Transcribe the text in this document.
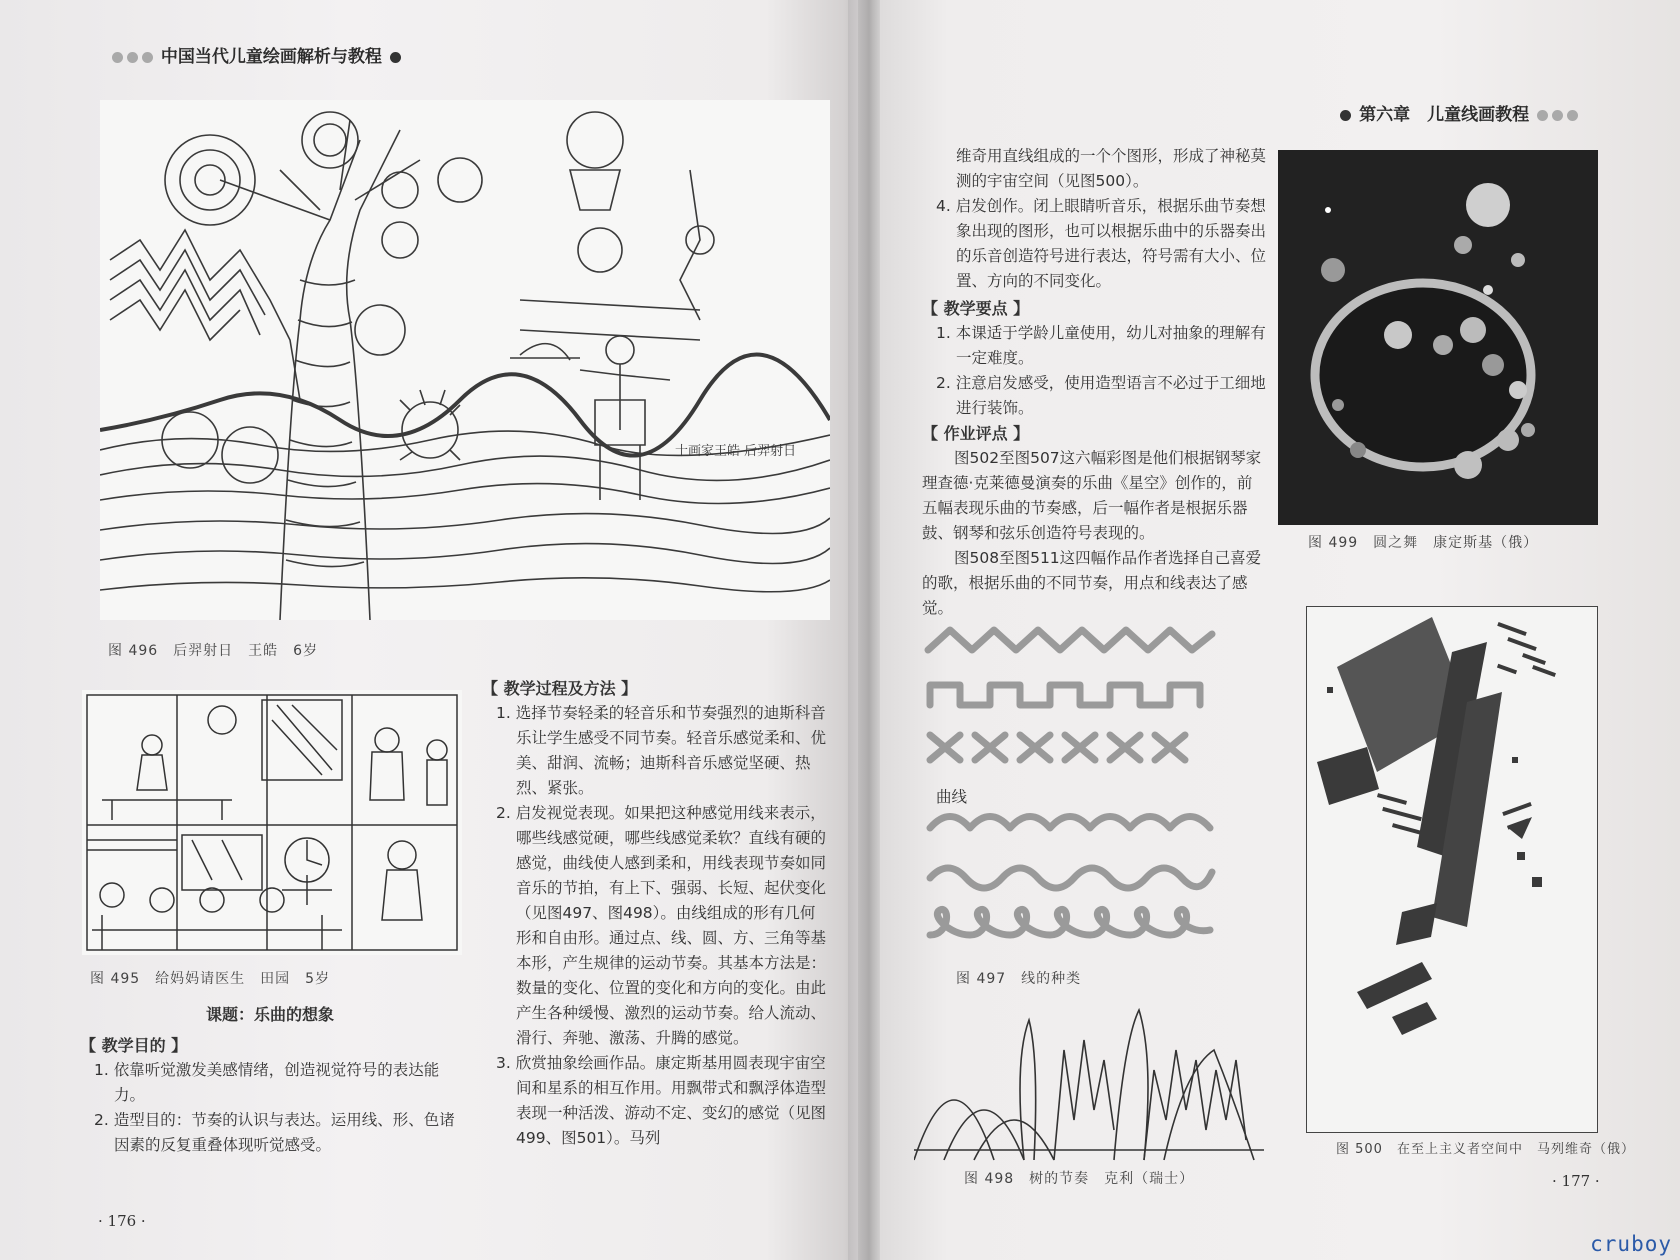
中国当代儿童绘画解析与教程
十画家王皓 后羿射日
图 496　后羿射日　王皓　6岁
图 495　给妈妈请医生　田园　5岁

课题：乐曲的想象

【 教学目的 】

1. 依靠听觉激发美感情绪，创造视觉符号的表达能力。

2. 造型目的：节奏的认识与表达。运用线、形、色诸因素的反复重叠体现听觉感受。

【 教学过程及方法 】

1. 选择节奏轻柔的轻音乐和节奏强烈的迪斯科音乐让学生感受不同节奏。轻音乐感觉柔和、优美、甜润、流畅；迪斯科音乐感觉坚硬、热烈、紧张。

2. 启发视觉表现。如果把这种感觉用线来表示，哪些线感觉硬，哪些线感觉柔软？直线有硬的感觉，曲线使人感到柔和，用线表现节奏如同音乐的节拍，有上下、强弱、长短、起伏变化（见图497、图498）。由线组成的形有几何形和自由形。通过点、线、圆、方、三角等基本形，产生规律的运动节奏。其基本方法是：数量的变化、位置的变化和方向的变化。由此产生各种缓慢、激烈的运动节奏。给人流动、滑行、奔驰、激荡、升腾的感觉。

3. 欣赏抽象绘画作品。康定斯基用圆表现宇宙空间和星系的相互作用。用飘带式和飘浮体造型表现一种活泼、游动不定、变幻的感觉（见图499、图501）。马列

· 176 ·
第六章　儿童线画教程

维奇用直线组成的一个个图形，形成了神秘莫测的宇宙空间（见图500）。

4. 启发创作。闭上眼睛听音乐，根据乐曲节奏想象出现的图形，也可以根据乐曲中的乐器奏出的乐音创造符号进行表达，符号需有大小、位置、方向的不同变化。

【 教学要点 】

1. 本课适于学龄儿童使用，幼儿对抽象的理解有一定难度。

2. 注意启发感受，使用造型语言不必过于工细地进行装饰。

【 作业评点 】

图502至图507这六幅彩图是他们根据钢琴家理查德·克莱德曼演奏的乐曲《星空》创作的，前五幅表现乐曲的节奏感，后一幅作者是根据乐器鼓、钢琴和弦乐创造符号表现的。

图508至图511这四幅作品作者选择自己喜爱的歌，根据乐曲的不同节奏，用点和线表达了感觉。

图 499　圆之舞　康定斯基（俄）
曲线
图 497　线的种类
图 498　树的节奏　克利（瑞士）
图 500　在至上主义者空间中　马列维奇（俄）
· 177 ·
cruboy
